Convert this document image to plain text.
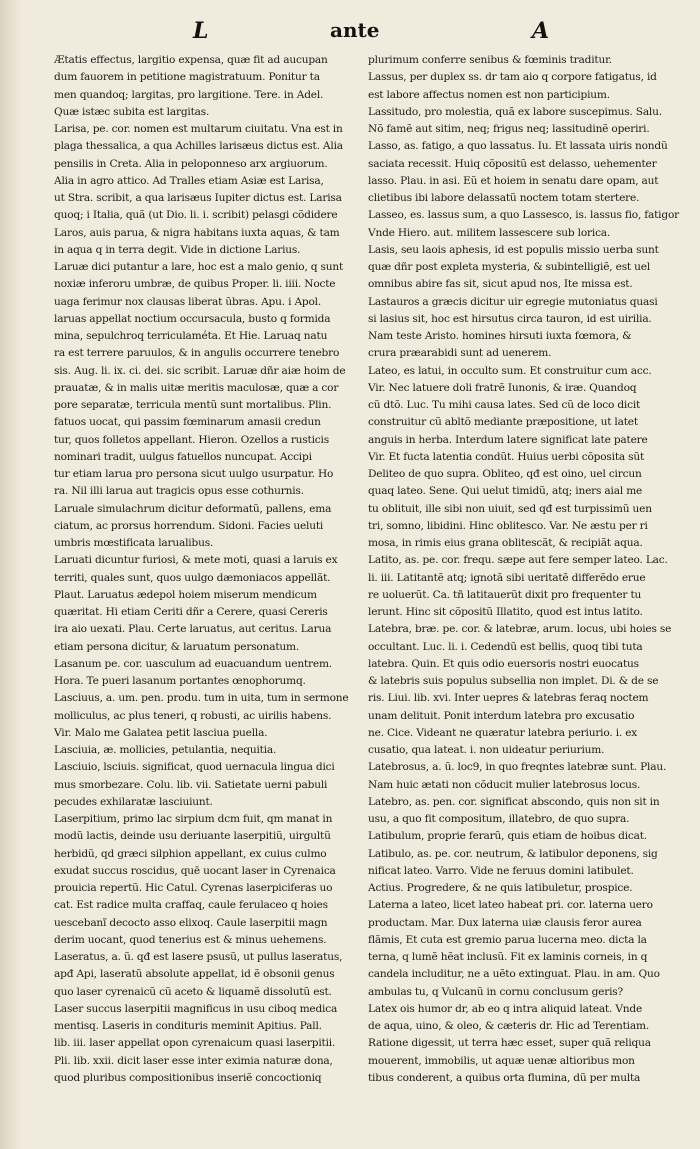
L	ante	A
Ætatis effectus, largitio expensa, quæ fit ad aucupan
dum fauorem in petitione magistratuum. Ponitur ta
men quandoq; largitas, pro largitione. Tere. in Adel.
Quæ istæc subita est largitas.
Larisa, pe. cor. nomen est multarum ciuitatu. Vna est in
plaga thessalica, a qua Achilles larisæus dictus est. Alia
pensilis in Creta. Alia in peloponneso arx argiuorum.
Alia in agro attico. Ad Tralles etiam Asiæ est Larisa,
ut Stra. scribit, a qua larisæus Iupiter dictus est. Larisa
quoq; i Italia, quã (ut Dio. li. i. scribit) pelasgi cõdidere
Laros, auis parua, & nigra habitans iuxta aquas, & tam
in aqua q in terra degit. Vide in dictione Larius.
Laruæ dici putantur a lare, hoc est a malo genio, q sunt
noxiæ inferoru umbræ, de quibus Proper. li. iiii. Nocte
uaga ferimur nox clausas liberat ũbras. Apu. i Apol.
laruas appellat noctium occursacula, busto q formida
mina, sepulchroq terriculaméta. Et Hie. Laruaq natu
ra est terrere paruulos, & in angulis occurrere tenebro
sis. Aug. li. ix. ci. dei. sic scribit. Laruæ dñr aiæ hoim de
prauatæ, & in malis uitæ meritis maculosæ, quæ a cor
pore separatæ, terricula mentũ sunt mortalibus. Plin.
fatuos uocat, qui passim fœminarum amasii credun
tur, quos folletos appellant. Hieron. Ozellos a rusticis
nominari tradit, uulgus fatuellos nuncupat. Accipi
tur etiam larua pro persona sicut uulgo usurpatur. Ho
ra. Nil illi larua aut tragicis opus esse cothurnis.
Laruale simulachrum dicitur deformatũ, pallens, ema
ciatum, ac prorsus horrendum. Sidoni. Facies ueluti
umbris mœstificata larualibus.
Laruati dicuntur furiosi, & mete moti, quasi a laruis ex
territi, quales sunt, quos uulgo dæmoniacos appellãt.
Plaut. Laruatus ædepol hoiem miserum mendicum
quæritat. Hi etiam Ceriti dñr a Cerere, quasi Cereris
ira aio uexati. Plau. Certe laruatus, aut ceritus. Larua
etiam persona dicitur, & laruatum personatum.
Lasanum pe. cor. uasculum ad euacuandum uentrem.
Hora. Te pueri lasanum portantes œnophorumq.
Lasciuus, a. um. pen. produ. tum in uita, tum in sermone
molliculus, ac plus teneri, q robusti, ac uirilis habens.
Vir. Malo me Galatea petit lasciua puella.
Lasciuia, æ. mollicies, petulantia, nequitia.
Lasciuio, lsciuis. significat, quod uernacula lingua dici
mus smorbezare. Colu. lib. vii. Satietate uerni pabuli
pecudes exhilaratæ lasciuiunt.
Laserpitium, primo lac sirpium dcm fuit, qm manat in
modũ lactis, deinde usu deriuante laserpitiũ, uirgultũ
herbidũ, qd græci silphion appellant, ex cuius culmo
exudat succus roscidus, quē uocant laser in Cyrenaica
prouicia repertũ. Hic Catul. Cyrenas laserpiciferas uo
cat. Est radice multa craffaq, caule ferulaceo q hoies
uescebanĩ decocto asso elixoq. Caule laserpitii magn
derim uocant, quod tenerius est & minus uehemens.
Laseratus, a. ũ. qđ est lasere psusũ, ut pullus laseratus,
apđ Api, laseratũ absolute appellat, id ẽ obsonii genus
quo laser cyrenaicũ cũ aceto & liquamẽ dissolutũ est.
Laser succus laserpitii magnificus in usu ciboq medica
mentisq. Laseris in condituris meminit Apitius. Pall.
lib. iii. laser appellat opon cyrenaicum quasi laserpitii.
Pli. lib. xxii. dicit laser esse inter eximia naturæ dona,
quod pluribus compositionibus inseriẽ concoctioniq
plurimum conferre senibus & fœminis traditur.
Lassus, per duplex ss. dr tam aio q corpore fatigatus, id
est labore affectus nomen est non participium.
Lassitudo, pro molestia, quã ex labore suscepimus. Salu.
Nõ famẽ aut sitim, neq; frigus neq; lassitudinẽ operiri.
Lasso, as. fatigo, a quo lassatus. Iu. Et lassata uiris nondũ
saciata recessit. Huiq cõpositũ est delasso, uehementer
lasso. Plau. in asi. Eũ et hoiem in senatu dare opam, aut
clietibus ibi labore delassatũ noctem totam stertere.
Lasseo, es. lassus sum, a quo Lassesco, is. lassus fio, fatigor
Vnde Hiero. aut. militem lassescere sub lorica.
Lasis, seu laois aphesis, id est populis missio uerba sunt
quæ dñr post expleta mysteria, & subintelligiẽ, est uel
omnibus abire fas sit, sicut apud nos, Ite missa est.
Lastauros a græcis dicitur uir egregie mutoniatus quasi
si lasius sit, hoc est hirsutus circa tauron, id est uirilia.
Nam teste Aristo. homines hirsuti iuxta fœmora, &
crura præarabidi sunt ad uenerem.
Lateo, es latui, in occulto sum. Et construitur cum acc.
Vir. Nec latuere doli fratrẽ Iunonis, & iræ. Quandoq
cũ dtõ. Luc. Tu mihi causa lates. Sed cũ de loco dicit
construitur cũ abltõ mediante præpositione, ut latet
anguis in herba. Interdum latere significat late patere
Vir. Et fucta latentia condũt. Huius uerbi cõposita sũt
Deliteo de quo supra. Obliteo, qđ est oino, uel circun
quaq lateo. Sene. Qui uelut timidũ, atq; iners aial me
tu oblituit, ille sibi non uiuit, sed qđ est turpissimũ uen
tri, somno, libidini. Hinc oblitesco. Var. Ne æstu per ri
mosa, in rimis eius grana oblitescãt, & recipiãt aqua.
Latito, as. pe. cor. frequ. sæpe aut fere semper lateo. Lac.
li. iii. Latitantẽ atq; ignotã sibi ueritatẽ differẽdo erue
re uoluerũt. Ca. tñ latitauerũt dixit pro frequenter tu
lerunt. Hinc sit cõpositũ Illatito, quod est intus latito.
Latebra, bræ. pe. cor. & latebræ, arum. locus, ubi hoies se
occultant. Luc. li. i. Cedendũ est bellis, quoq tibi tuta
latebra. Quin. Et quis odio euersoris nostri euocatus
& latebris suis populus subsellia non implet. Di. & de se
ris. Liui. lib. xvi. Inter uepres & latebras feraq noctem
unam delituit. Ponit interdum latebra pro excusatio
ne. Cice. Videant ne quæratur latebra periurio. i. ex
cusatio, qua lateat. i. non uideatur periurium.
Latebrosus, a. ũ. loc9, in quo freqntes latebræ sunt. Plau.
Nam huic ætati non cõducit mulier latebrosus locus.
Latebro, as. pen. cor. significat abscondo, quis non sit in
usu, a quo fit compositum, illatebro, de quo supra.
Latibulum, proprie ferarũ, quis etiam de hoibus dicat.
Latibulo, as. pe. cor. neutrum, & latibulor deponens, sig
nificat lateo. Varro. Vide ne feruus domini latibulet.
Actius. Progredere, & ne quis latibuletur, prospice.
Laterna a lateo, licet lateo habeat pri. cor. laterna uero
productam. Mar. Dux laterna uiæ clausis feror aurea
flãmis, Et cuta est gremio parua lucerna meo. dicta la
terna, q lumẽ hẽat inclusũ. Fit ex laminis corneis, in q
candela includitur, ne a uẽto extinguat. Plau. in am. Quo
ambulas tu, q Vulcanũ in cornu conclusum geris?
Latex ois humor dr, ab eo q intra aliquid lateat. Vnde
de aqua, uino, & oleo, & cæteris dr. Hic ad Terentiam.
Ratione digessit, ut terra hæc esset, super quã reliqua
mouerent, immobilis, ut aquæ uenæ altioribus mon
tibus conderent, a quibus orta flumina, dũ per multa
